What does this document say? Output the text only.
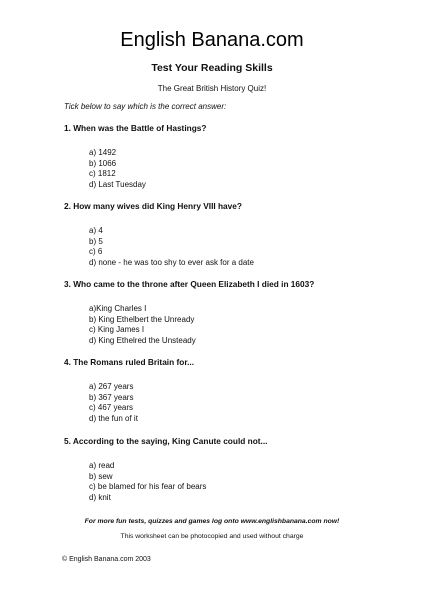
English Banana.com
Test Your Reading Skills
The Great British History Quiz!
Tick below to say which is the correct answer:

1. When was the Battle of Hastings?

a) 1492
b) 1066
c) 1812
d) Last Tuesday

2. How many wives did King Henry VIII have?

a) 4
b) 5
c) 6
d) none - he was too shy to ever ask for a date

3. Who came to the throne after Queen Elizabeth I died in 1603?

a)King Charles I
b) King Ethelbert the Unready
c) King James I
d) King Ethelred the Unsteady

4. The Romans ruled Britain for...

a) 267 years
b) 367 years
c) 467 years
d) the fun of it

5. According to the saying, King Canute could not...

a) read
b) sew
c) be blamed for his fear of bears
d) knit
For more fun tests, quizzes and games log onto www.englishbanana.com now!
This worksheet can be photocopied and used without charge
© English Banana.com 2003
